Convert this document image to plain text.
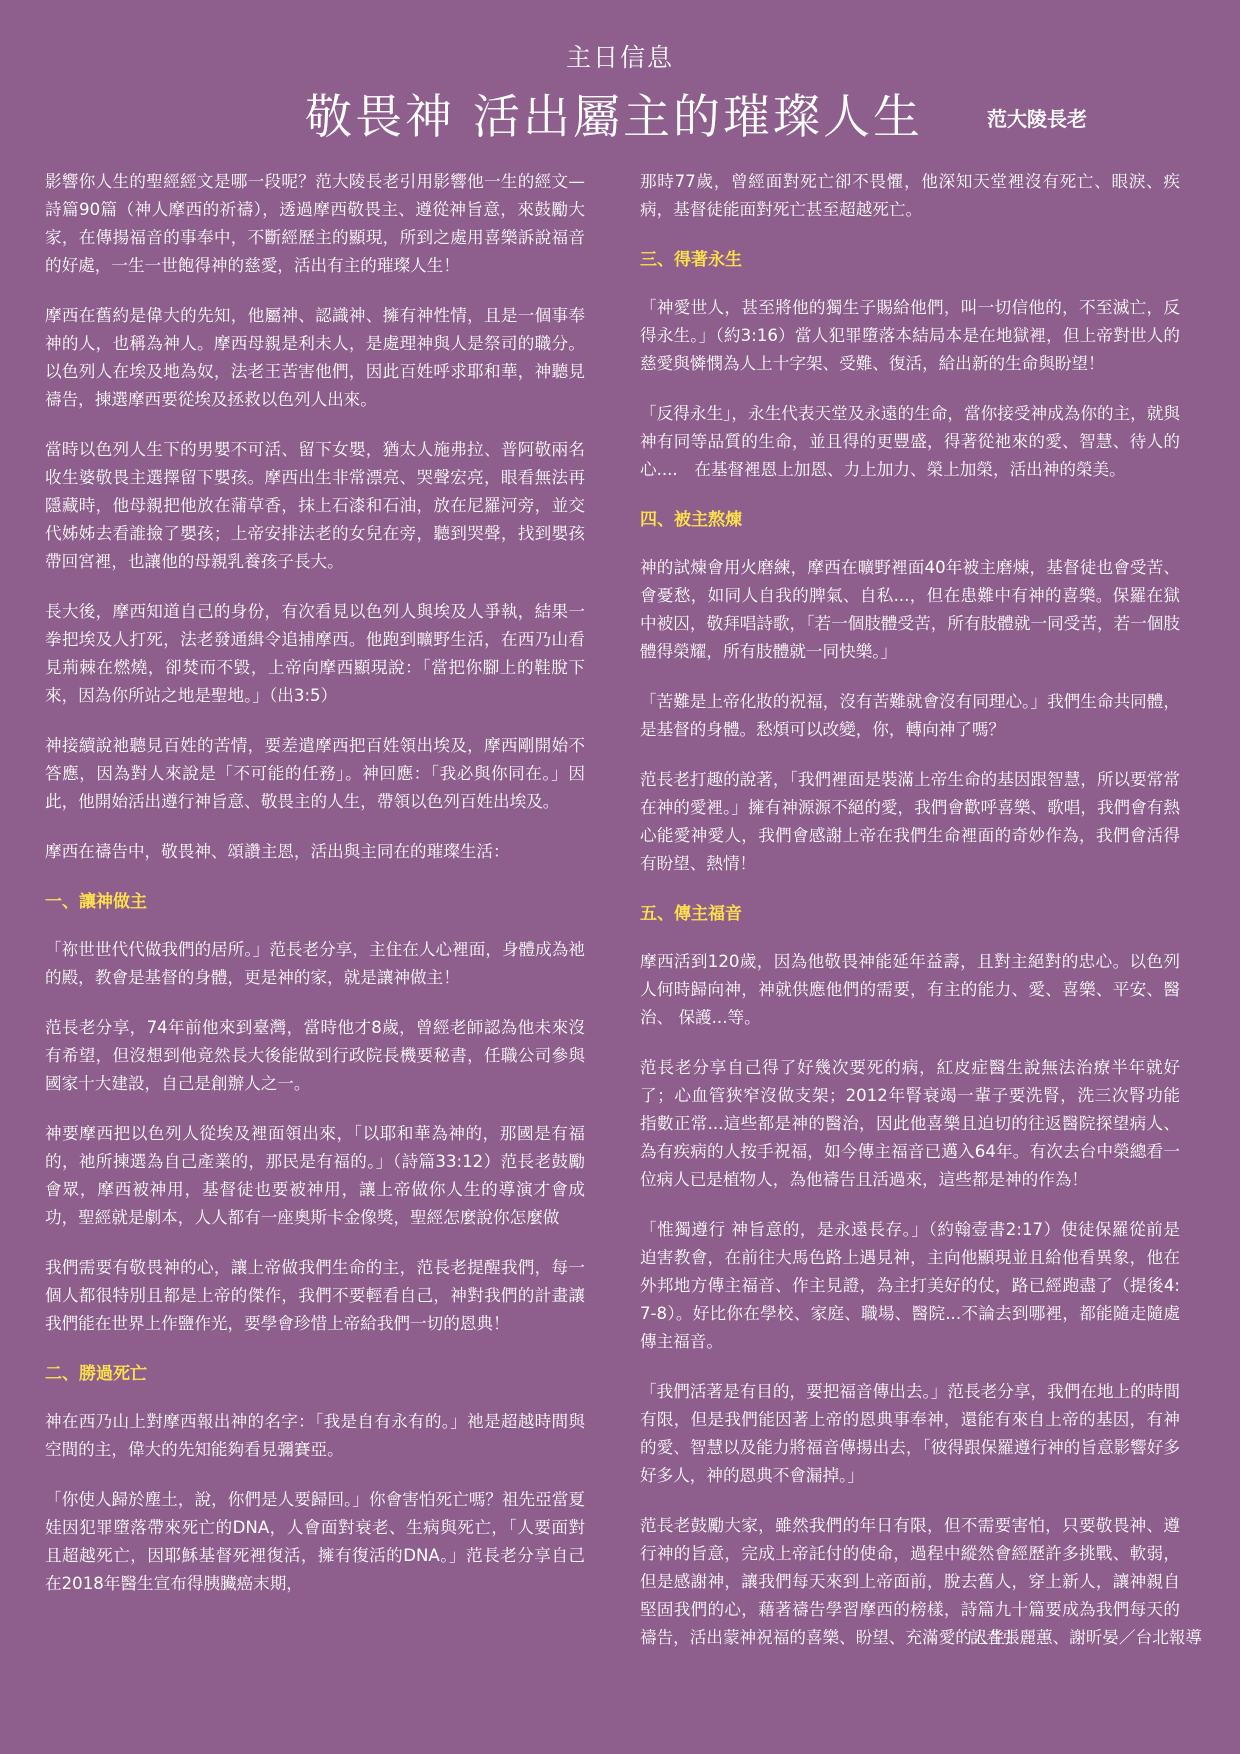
主日信息
敬畏神 活出屬主的璀璨人生	范大陵長老

影響你人生的聖經經文是哪一段呢？范大陵長老引用影響他一生的經文—詩篇90篇（神人摩西的祈禱），透過摩西敬畏主、遵從神旨意，來鼓勵大家，在傳揚福音的事奉中，不斷經歷主的顯現，所到之處用喜樂訴說福音的好處，一生一世飽得神的慈愛，活出有主的璀璨人生！

摩西在舊約是偉大的先知，他屬神、認識神、擁有神性情，且是一個事奉神的人，也稱為神人。摩西母親是利未人，是處理神與人是祭司的職分。以色列人在埃及地為奴，法老王苦害他們，因此百姓呼求耶和華，神聽見禱告，揀選摩西要從埃及拯救以色列人出來。

當時以色列人生下的男嬰不可活、留下女嬰，猶太人施弗拉、普阿敬兩名收生婆敬畏主選擇留下嬰孩。摩西出生非常漂亮、哭聲宏亮，眼看無法再隱藏時，他母親把他放在蒲草香，抹上石漆和石油，放在尼羅河旁，並交代姊姊去看誰撿了嬰孩；上帝安排法老的女兒在旁，聽到哭聲，找到嬰孩帶回宮裡，也讓他的母親乳養孩子長大。

長大後，摩西知道自己的身份，有次看見以色列人與埃及人爭執，結果一拳把埃及人打死，法老發通緝令追捕摩西。他跑到曠野生活，在西乃山看見荊棘在燃燒，卻焚而不毀，上帝向摩西顯現說：「當把你腳上的鞋脫下來，因為你所站之地是聖地。」（出3:5）

神接續說祂聽見百姓的苦情，要差遣摩西把百姓領出埃及，摩西剛開始不答應，因為對人來說是「不可能的任務」。神回應：「我必與你同在。」因此，他開始活出遵行神旨意、敬畏主的人生，帶領以色列百姓出埃及。

摩西在禱告中，敬畏神、頌讚主恩，活出與主同在的璀璨生活：

一、讓神做主

「祢世世代代做我們的居所。」范長老分享，主住在人心裡面，身體成為祂的殿，教會是基督的身體，更是神的家，就是讓神做主！

范長老分享，74年前他來到臺灣，當時他才8歲，曾經老師認為他未來沒有希望，但沒想到他竟然長大後能做到行政院長機要秘書，任職公司參與國家十大建設，自己是創辦人之一。

神要摩西把以色列人從埃及裡面領出來，「以耶和華為神的，那國是有福的，祂所揀選為自己產業的，那民是有福的。」（詩篇33:12）范長老鼓勵會眾，摩西被神用，基督徒也要被神用，讓上帝做你人生的導演才會成功，聖經就是劇本，人人都有一座奧斯卡金像獎，聖經怎麼說你怎麼做

我們需要有敬畏神的心，讓上帝做我們生命的主，范長老提醒我們，每一個人都很特別且都是上帝的傑作，我們不要輕看自己，神對我們的計畫讓我們能在世界上作鹽作光，要學會珍惜上帝給我們一切的恩典！

二、勝過死亡

神在西乃山上對摩西報出神的名字：「我是自有永有的。」祂是超越時間與空間的主，偉大的先知能夠看見彌賽亞。

「你使人歸於塵土，說，你們是人要歸回。」你會害怕死亡嗎？祖先亞當夏娃因犯罪墮落帶來死亡的DNA，人會面對衰老、生病與死亡，「人要面對且超越死亡，因耶穌基督死裡復活，擁有復活的DNA。」范長老分享自己在2018年醫生宣布得胰臟癌末期，

那時77歲，曾經面對死亡卻不畏懼，他深知天堂裡沒有死亡、眼淚、疾病，基督徒能面對死亡甚至超越死亡。

三、得著永生

「神愛世人，甚至將他的獨生子賜給他們，叫一切信他的，不至滅亡，反得永生。」（約3:16）當人犯罪墮落本結局本是在地獄裡，但上帝對世人的慈愛與憐憫為人上十字架、受難、復活，給出新的生命與盼望！

「反得永生」，永生代表天堂及永遠的生命，當你接受神成為你的主，就與神有同等品質的生命，並且得的更豐盛，得著從祂來的愛、智慧、待人的心....　在基督裡恩上加恩、力上加力、榮上加榮，活出神的榮美。

四、被主熬煉

神的試煉會用火磨練，摩西在曠野裡面40年被主磨煉，基督徒也會受苦、會憂愁，如同人自我的脾氣、自私...，但在患難中有神的喜樂。保羅在獄中被囚，敬拜唱詩歌，「若一個肢體受苦，所有肢體就一同受苦，若一個肢體得榮耀，所有肢體就一同快樂。」

「苦難是上帝化妝的祝福，沒有苦難就會沒有同理心。」我們生命共同體，是基督的身體。愁煩可以改變，你，轉向神了嗎？

范長老打趣的說著，「我們裡面是裝滿上帝生命的基因跟智慧，所以要常常在神的愛裡。」擁有神源源不絕的愛，我們會歡呼喜樂、歌唱，我們會有熱心能愛神愛人，我們會感謝上帝在我們生命裡面的奇妙作為，我們會活得有盼望、熱情！

五、傳主福音

摩西活到120歲，因為他敬畏神能延年益壽，且對主絕對的忠心。以色列人何時歸向神，神就供應他們的需要，有主的能力、愛、喜樂、平安、醫治、 保護...等。

范長老分享自己得了好幾次要死的病，紅皮症醫生說無法治療半年就好了；心血管狹窄沒做支架；2012年腎衰竭一輩子要洗腎，洗三次腎功能指數正常...這些都是神的醫治，因此他喜樂且迫切的往返醫院探望病人、為有疾病的人按手祝福，如今傳主福音已邁入64年。有次去台中榮總看一位病人已是植物人，為他禱告且活過來，這些都是神的作為！

「惟獨遵行 神旨意的，是永遠長存。」（約翰壹書2:17）使徒保羅從前是迫害教會，在前往大馬色路上遇見神，主向他顯現並且給他看異象，他在外邦地方傳主福音、作主見證，為主打美好的仗，路已經跑盡了（提後4:7-8）。好比你在學校、家庭、職場、醫院...不論去到哪裡，都能隨走隨處傳主福音。

「我們活著是有目的，要把福音傳出去。」范長老分享，我們在地上的時間有限，但是我們能因著上帝的恩典事奉神，還能有來自上帝的基因，有神的愛、智慧以及能力將福音傳揚出去，「彼得跟保羅遵行神的旨意影響好多好多人，神的恩典不會漏掉。」

范長老鼓勵大家，雖然我們的年日有限，但不需要害怕，只要敬畏神、遵行神的旨意，完成上帝託付的使命，過程中縱然會經歷許多挑戰、軟弱，但是感謝神，讓我們每天來到上帝面前，脫去舊人，穿上新人，讓神親自堅固我們的心，藉著禱告學習摩西的榜樣，詩篇九十篇要成為我們每天的禱告，活出蒙神祝福的喜樂、盼望、充滿愛的人生！

記者張麗蕙、謝昕晏／台北報導
